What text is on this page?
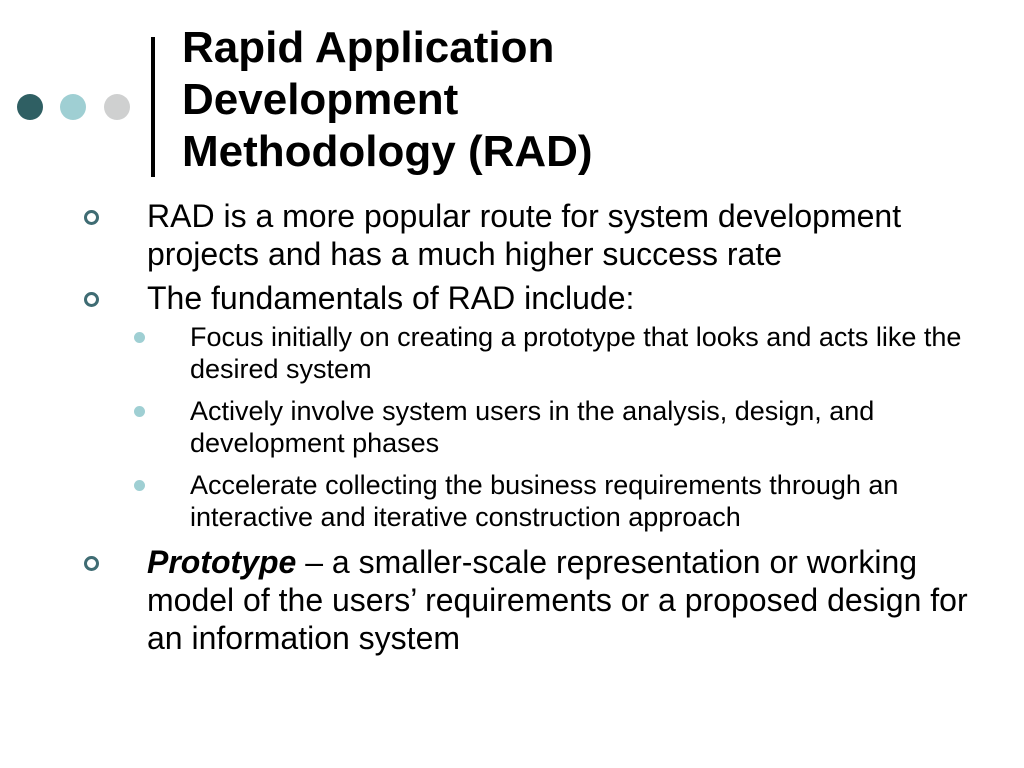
Rapid Application
Development
Methodology (RAD)
RAD is a more popular route for system development projects and has a much higher success rate
The fundamentals of RAD include:
Focus initially on creating a prototype that looks and acts like the desired system
Actively involve system users in the analysis, design, and development phases
Accelerate collecting the business requirements through an interactive and iterative construction approach
Prototype – a smaller-scale representation or working model of the users’ requirements or a proposed design for an information system
